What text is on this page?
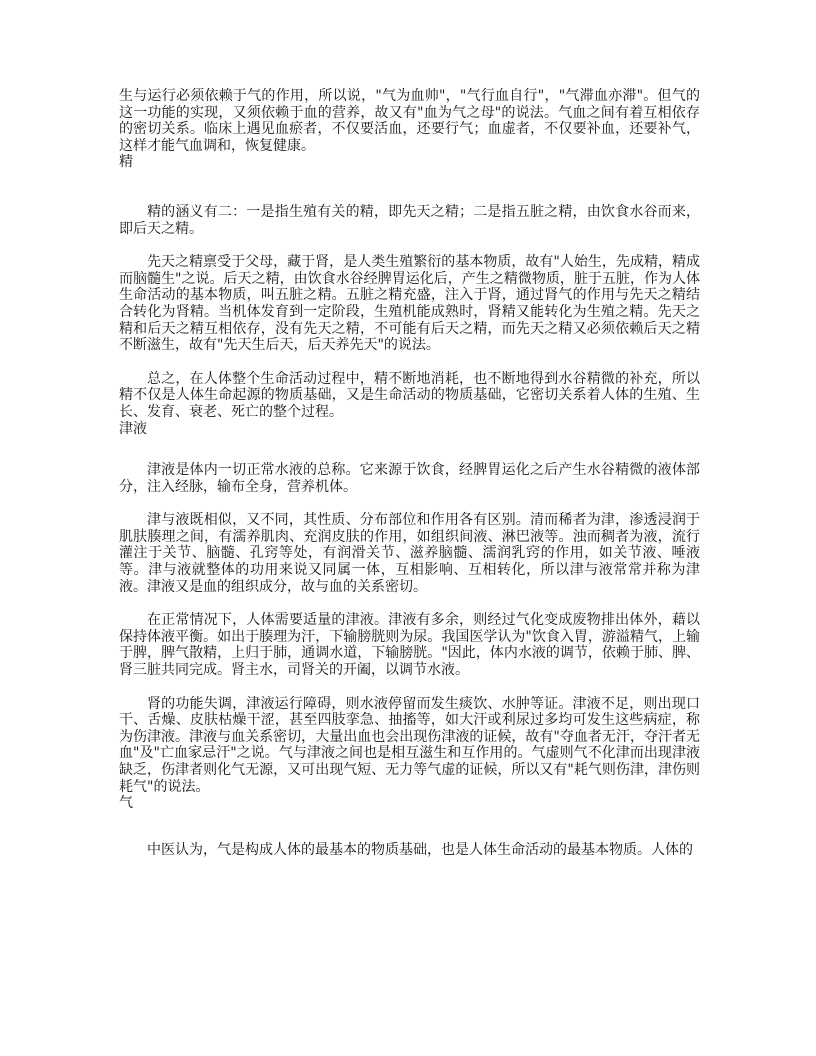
生与运行必须依赖于气的作用，所以说，"气为血帅"，"气行血自行"，"气滞血亦滞"。但气的这一功能的实现，又须依赖于血的营养，故又有"血为气之母"的说法。气血之间有着互相依存的密切关系。临床上遇见血瘀者，不仅要活血，还要行气；血虚者，不仅要补血，还要补气，这样才能气血调和，恢复健康。

精

精的涵义有二：一是指生殖有关的精，即先天之精；二是指五脏之精，由饮食水谷而来，即后天之精。

先天之精禀受于父母，藏于肾，是人类生殖繁衍的基本物质，故有"人始生，先成精，精成而脑髓生"之说。后天之精，由饮食水谷经脾胃运化后，产生之精微物质，脏于五脏，作为人体生命活动的基本物质，叫五脏之精。五脏之精充盛，注入于肾，通过肾气的作用与先天之精结合转化为肾精。当机体发育到一定阶段，生殖机能成熟时，肾精又能转化为生殖之精。先天之精和后天之精互相依存，没有先天之精，不可能有后天之精，而先天之精又必须依赖后天之精不断滋生，故有"先天生后天，后天养先天"的说法。

总之，在人体整个生命活动过程中，精不断地消耗，也不断地得到水谷精微的补充，所以精不仅是人体生命起源的物质基础，又是生命活动的物质基础，它密切关系着人体的生殖、生长、发育、衰老、死亡的整个过程。

津液

津液是体内一切正常水液的总称。它来源于饮食，经脾胃运化之后产生水谷精微的液体部分，注入经脉，输布全身，营养机体。

津与液既相似，又不同，其性质、分布部位和作用各有区别。清而稀者为津，渗透浸润于肌肤腠理之间，有濡养肌肉、充润皮肤的作用，如组织间液、淋巴液等。浊而稠者为液，流行灌注于关节、脑髓、孔窍等处，有润滑关节、滋养脑髓、濡润乳窍的作用，如关节液、唾液等。津与液就整体的功用来说又同属一体，互相影响、互相转化，所以津与液常常并称为津液。津液又是血的组织成分，故与血的关系密切。

在正常情况下，人体需要适量的津液。津液有多余，则经过气化变成废物排出体外，藉以保持体液平衡。如出于腠理为汗，下输膀胱则为尿。我国医学认为"饮食入胃，游溢精气，上输于脾，脾气散精，上归于肺，通调水道，下输膀胱。"因此，体内水液的调节，依赖于肺、脾、肾三脏共同完成。肾主水，司肾关的开阖，以调节水液。

肾的功能失调，津液运行障碍，则水液停留而发生痰饮、水肿等证。津液不足，则出现口干、舌燥、皮肤枯燥干涩，甚至四肢挛急、抽搐等，如大汗或利尿过多均可发生这些病症，称为伤津液。津液与血关系密切，大量出血也会出现伤津液的证候，故有"夺血者无汗，夺汗者无血"及"亡血家忌汗"之说。气与津液之间也是相互滋生和互作用的。气虚则气不化津而出现津液缺乏，伤津者则化气无源，又可出现气短、无力等气虚的证候，所以又有"耗气则伤津，津伤则耗气"的说法。

气

中医认为，气是构成人体的最基本的物质基础，也是人体生命活动的最基本物质。人体的
